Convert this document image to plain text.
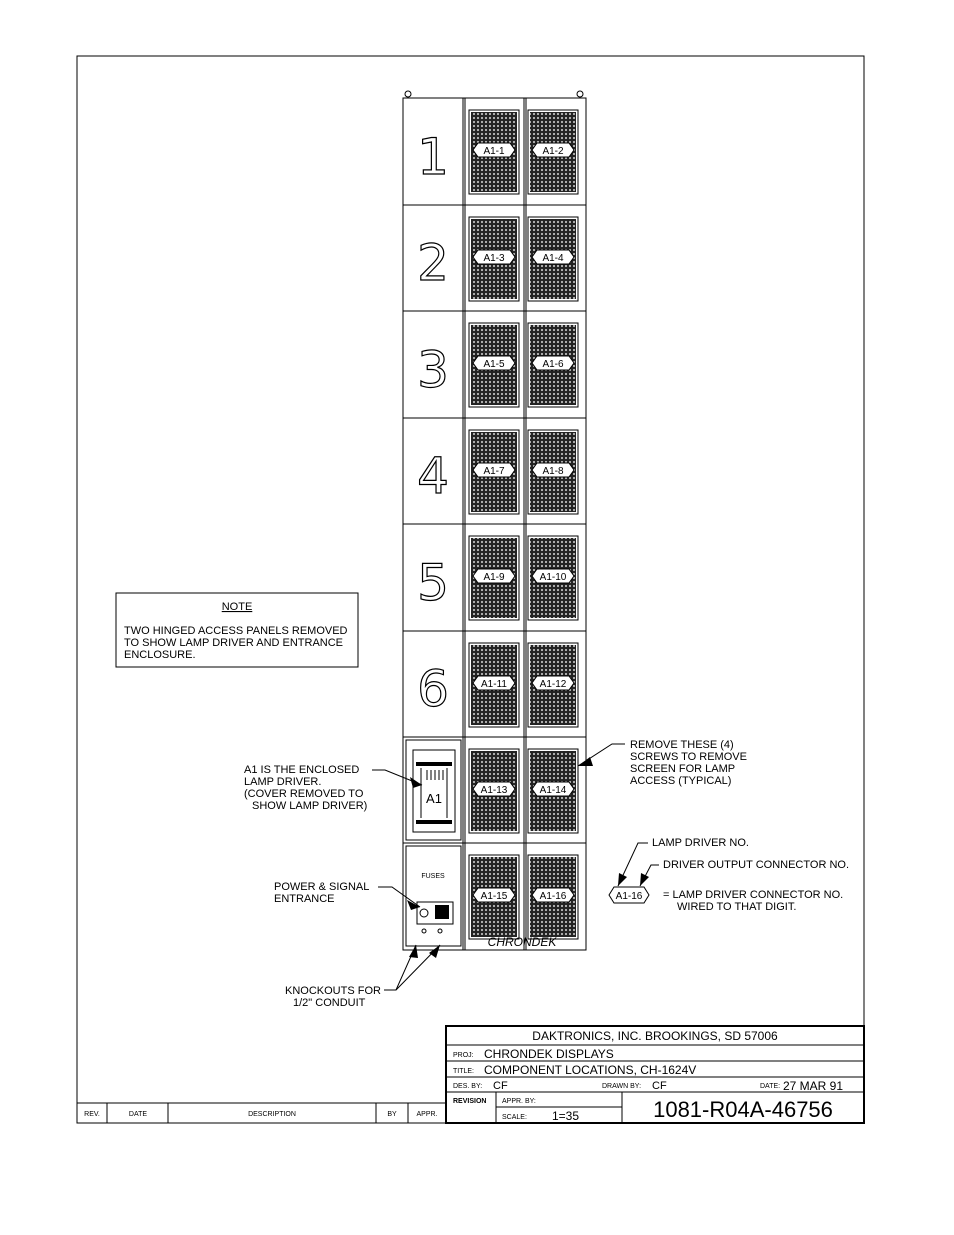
1
2
3
4
5
6
A1-1	A1-2
A1-3	A1-4
A1-5	A1-6
A1-7	A1-8
A1-9	A1-10
A1-11	A1-12
A1-13	A1-14
A1-15	A1-16
A1
FUSES
CHRONDEK
NOTE
TWO HINGED ACCESS PANELS REMOVED
TO SHOW LAMP DRIVER AND ENTRANCE
ENCLOSURE.
A1 IS THE ENCLOSED
LAMP DRIVER.
(COVER REMOVED TO
SHOW LAMP DRIVER)
POWER & SIGNAL
ENTRANCE
KNOCKOUTS FOR
1/2" CONDUIT
REMOVE THESE (4)
SCREWS TO REMOVE
SCREEN FOR LAMP
ACCESS (TYPICAL)
LAMP DRIVER NO.
DRIVER OUTPUT CONNECTOR NO.
A1-16 = LAMP DRIVER CONNECTOR NO.
WIRED TO THAT DIGIT.
DAKTRONICS, INC. BROOKINGS, SD 57006
PROJ: CHRONDEK DISPLAYS
TITLE: COMPONENT LOCATIONS, CH-1624V
DES. BY: CF	DRAWN BY: CF	DATE: 27 MAR 91
REVISION APPR. BY:
SCALE: 1=35	1081-R04A-46756
REV.	DATE	DESCRIPTION	BY	APPR.
